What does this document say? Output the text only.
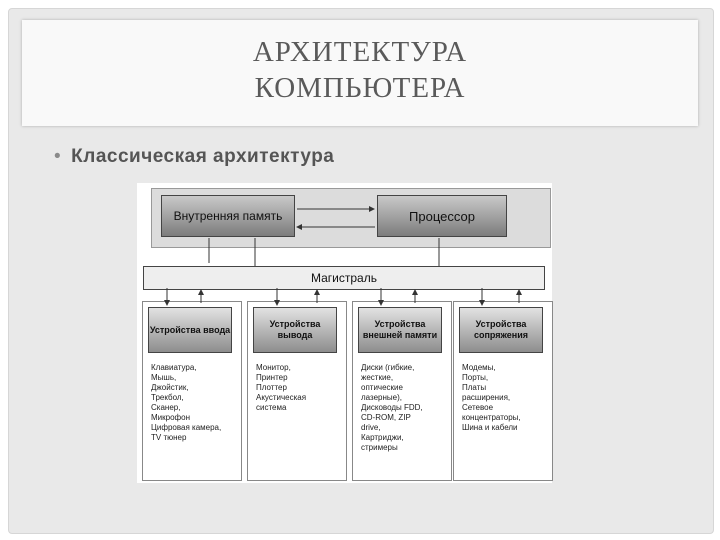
АРХИТЕКТУРА
КОМПЬЮТЕРА
• Классическая архитектура
Внутренняя память	Процессор
Магистраль
Устройства ввода
Устройства вывода
Устройства внешней памяти
Устройства сопряжения
Клавиатура,
Мышь,
Джойстик,
Трекбол,
Сканер,
Микрофон
Цифровая камера,
ТV тюнер
Монитор,
Принтер
Плоттер
Акустическая
система
Диски (гибкие,
жесткие,
оптические
лазерные),
Дисководы FDD,
CD-ROM, ZIP
drive,
Картриджи,
стримеры
Модемы,
Порты,
Платы
расширения,
Сетевое
концентраторы,
Шина и кабели
